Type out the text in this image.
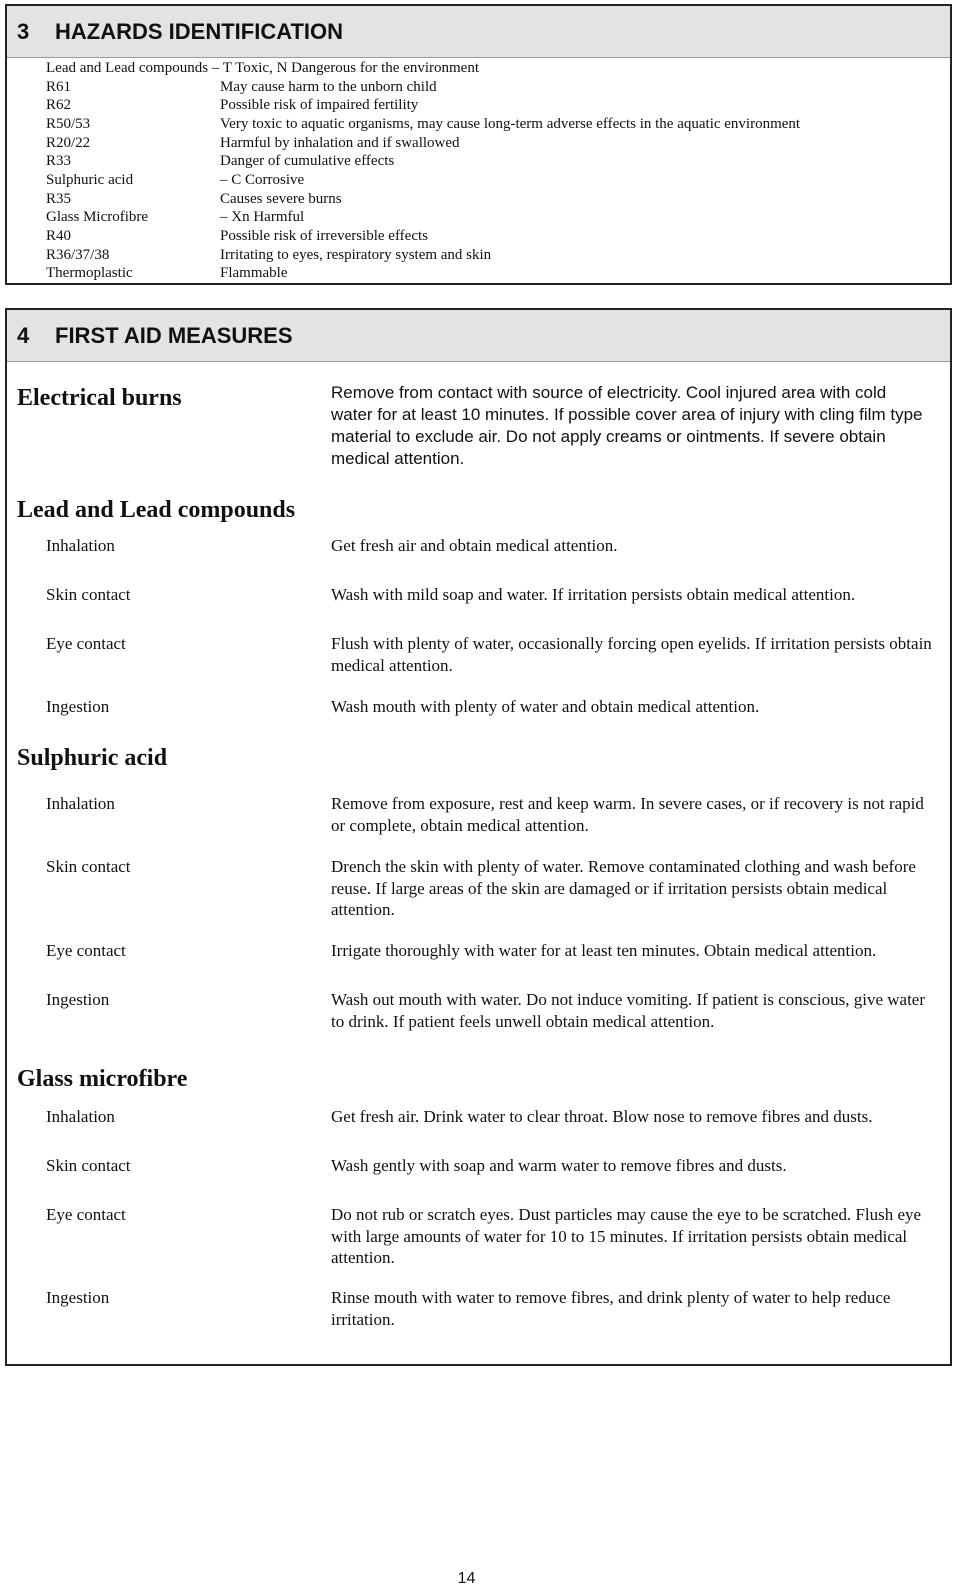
3	HAZARDS IDENTIFICATION
Lead and Lead compounds – T Toxic, N Dangerous for the environment
R61	May cause harm to the unborn child
R62	Possible risk of impaired fertility
R50/53	Very toxic to aquatic organisms, may cause long-term adverse effects in the aquatic environment
R20/22	Harmful by inhalation and if swallowed
R33	Danger of cumulative effects
Sulphuric acid	– C Corrosive
R35	Causes severe burns
Glass Microfibre	– Xn Harmful
R40	Possible risk of irreversible effects
R36/37/38	Irritating to eyes, respiratory system and skin
Thermoplastic	Flammable
4	FIRST AID MEASURES
Electrical burns	Remove from contact with source of electricity. Cool injured area with cold water for at least 10 minutes. If possible cover area of injury with cling film type material to exclude air. Do not apply creams or ointments. If severe obtain medical attention.
Lead and Lead compounds
Inhalation	Get fresh air and obtain medical attention.
Skin contact	Wash with mild soap and water. If irritation persists obtain medical attention.
Eye contact	Flush with plenty of water, occasionally forcing open eyelids. If irritation persists obtain medical attention.
Ingestion	Wash mouth with plenty of water and obtain medical attention.
Sulphuric acid
Inhalation	Remove from exposure, rest and keep warm. In severe cases, or if recovery is not rapid or complete, obtain medical attention.
Skin contact	Drench the skin with plenty of water. Remove contaminated clothing and wash before reuse. If large areas of the skin are damaged or if irritation persists obtain medical attention.
Eye contact	Irrigate thoroughly with water for at least ten minutes. Obtain medical attention.
Ingestion	Wash out mouth with water. Do not induce vomiting. If patient is conscious, give water to drink. If patient feels unwell obtain medical attention.
Glass microfibre
Inhalation	Get fresh air. Drink water to clear throat. Blow nose to remove fibres and dusts.
Skin contact	Wash gently with soap and warm water to remove fibres and dusts.
Eye contact	Do not rub or scratch eyes. Dust particles may cause the eye to be scratched. Flush eye with large amounts of water for 10 to 15 minutes. If irritation persists obtain medical attention.
Ingestion	Rinse mouth with water to remove fibres, and drink plenty of water to help reduce irritation.
14
